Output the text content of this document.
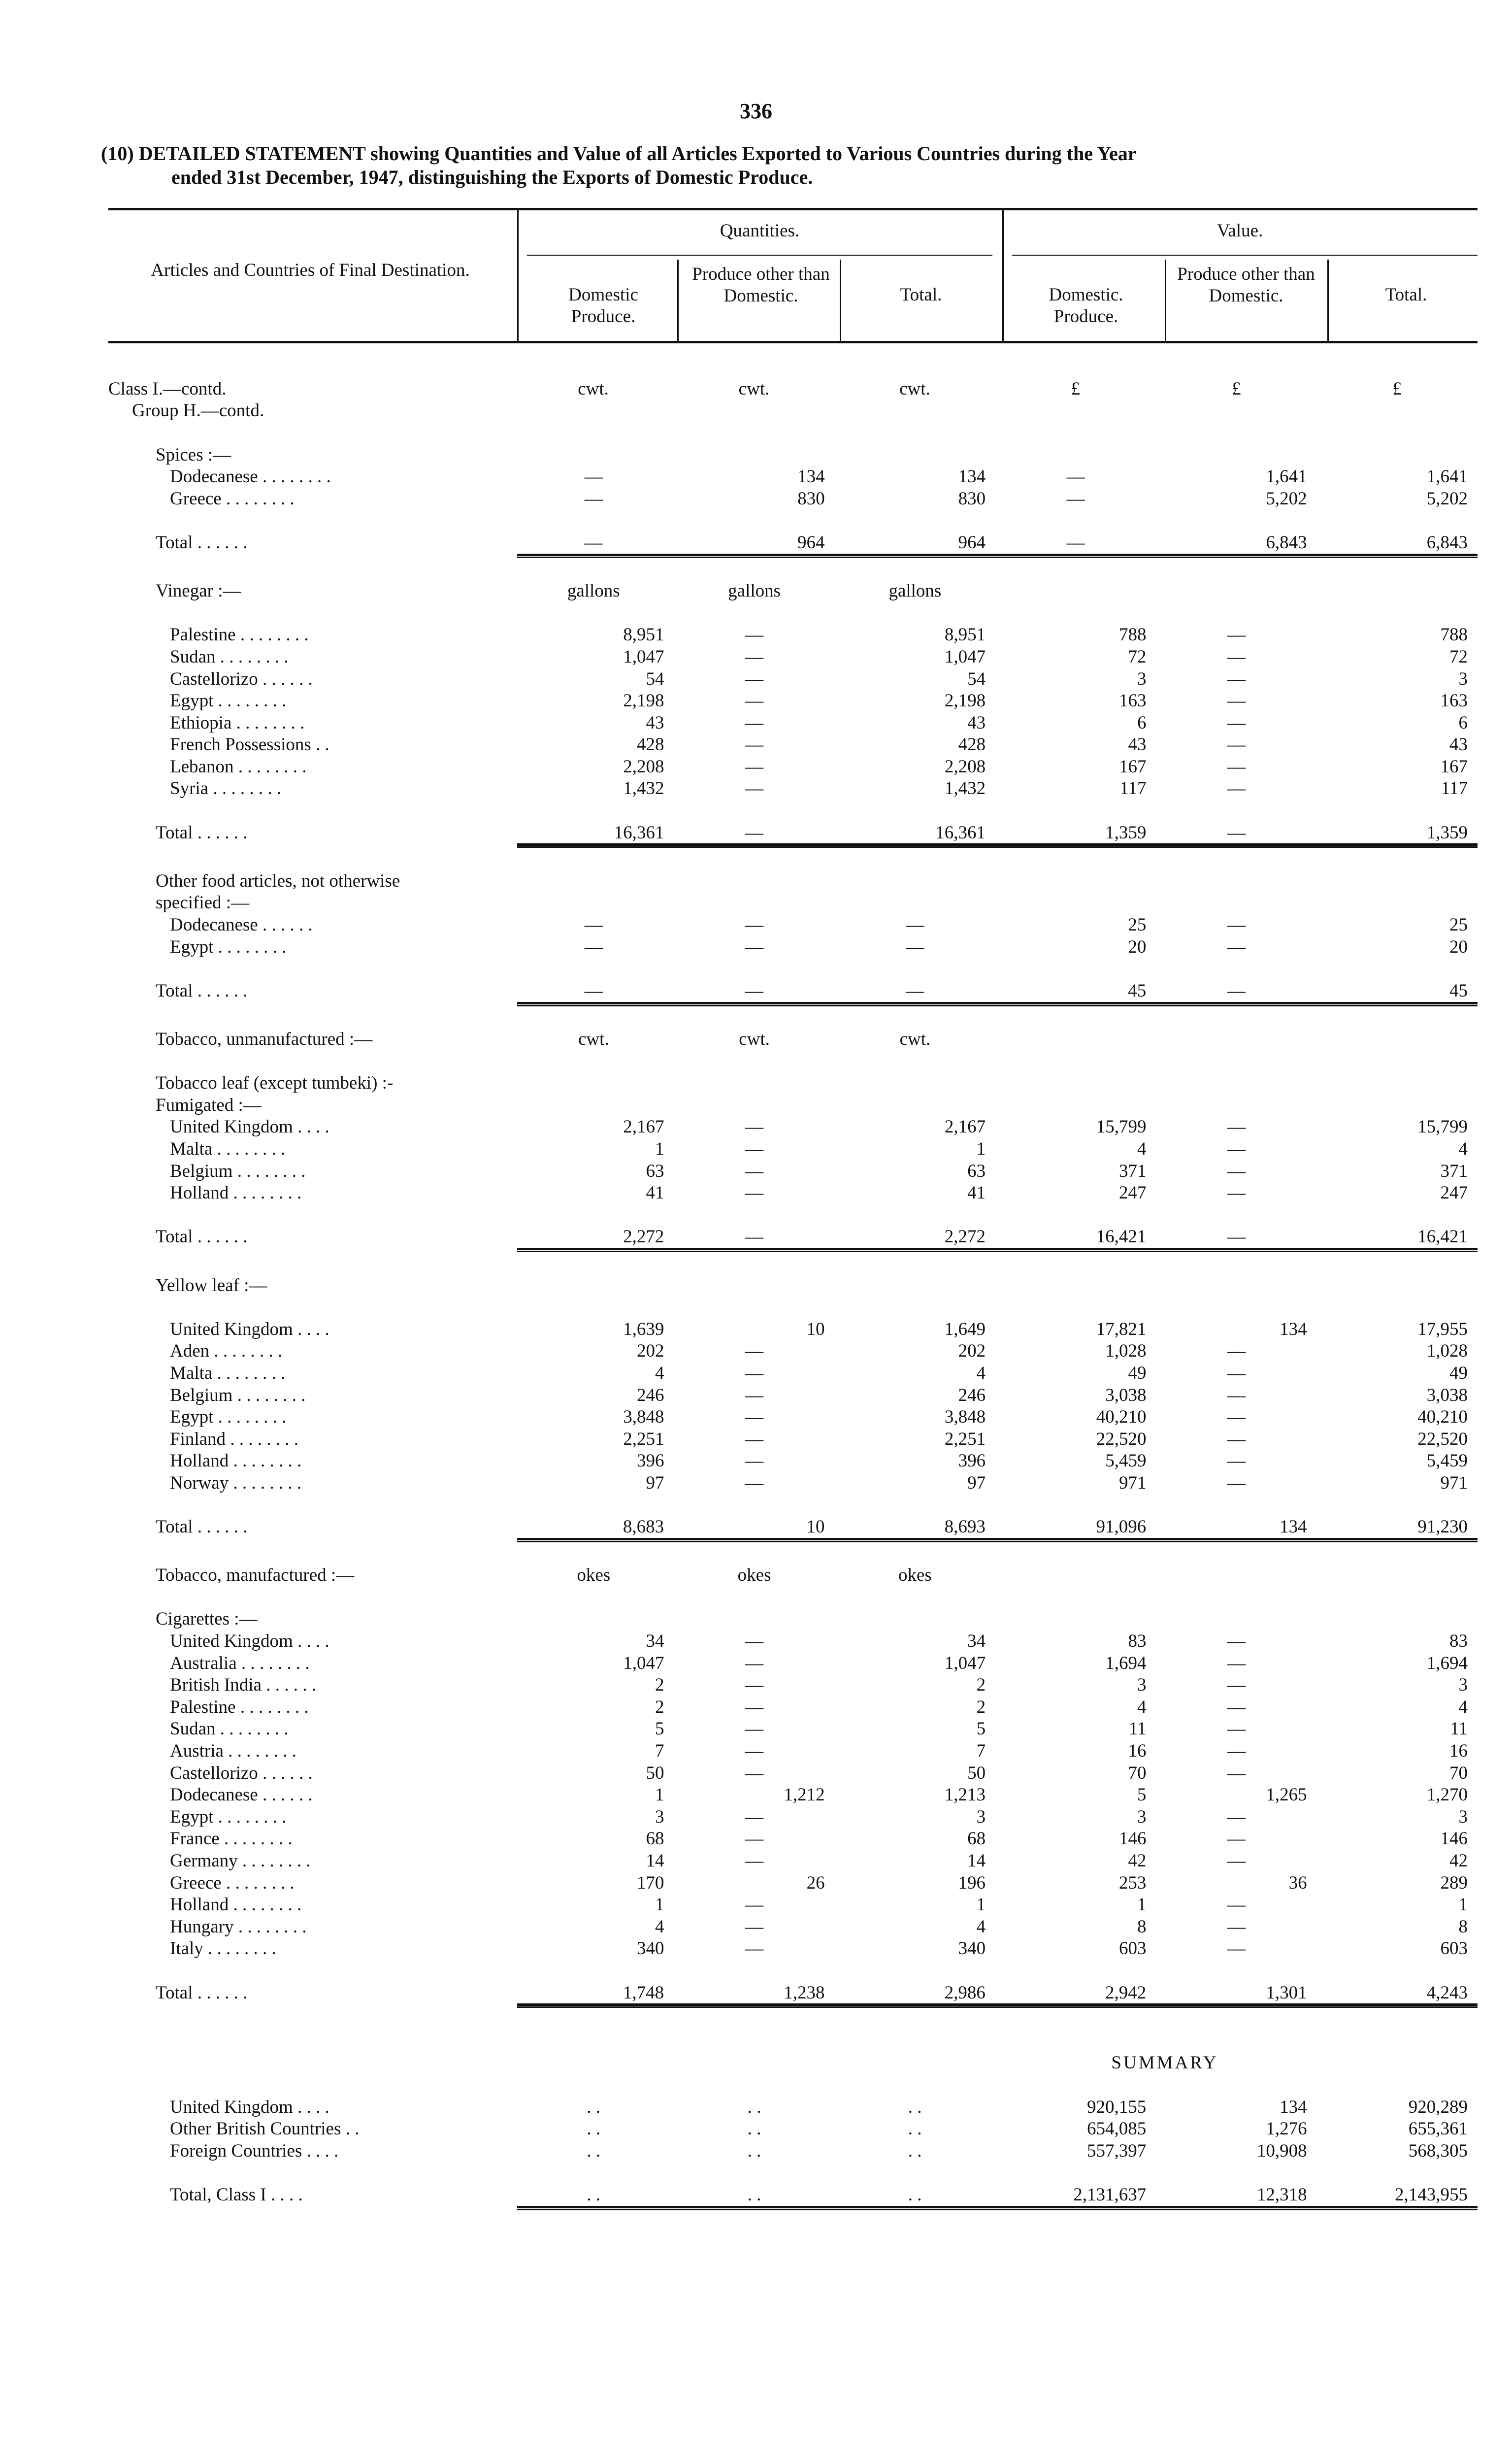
336
(10) DETAILED STATEMENT showing Quantities and Value of all Articles Exported to Various Countries during the Year
ended 31st December, 1947, distinguishing the Exports of Domestic Produce.
Articles and Countries of Final Destination.
Quantities.	Value.
Domestic Produce.
Produce other than Domestic.	Total.	Domestic. Produce.
Produce other than Domestic.	Total.
Class I.—contd.	cwt.	cwt.	cwt.	£	£	£
Group H.—contd.
Spices :—
Dodecanese . . . . . . . .	—	134	134	—	1,641	1,641
Greece . . . . . . . .	—	830	830	—	5,202	5,202
Total . . . . . .	—	964	964	—	6,843	6,843
Vinegar :—	gallons	gallons	gallons
Palestine . . . . . . . .	8,951	—	8,951	788	—	788
Sudan . . . . . . . .	1,047	—	1,047	72	—	72
Castellorizo . . . . . .	54	—	54	3	—	3
Egypt . . . . . . . .	2,198	—	2,198	163	—	163
Ethiopia . . . . . . . .	43	—	43	6	—	6
French Possessions . .	428	—	428	43	—	43
Lebanon . . . . . . . .	2,208	—	2,208	167	—	167
Syria . . . . . . . .	1,432	—	1,432	117	—	117
Total . . . . . .	16,361	—	16,361	1,359	—	1,359
Other food articles, not otherwise
specified :—
Dodecanese . . . . . .	—	—	—	25	—	25
Egypt . . . . . . . .	—	—	—	20	—	20
Total . . . . . .	—	—	—	45	—	45
Tobacco, unmanufactured :—	cwt.	cwt.	cwt.
Tobacco leaf (except tumbeki) :-
Fumigated :—
United Kingdom . . . .	2,167	—	2,167	15,799	—	15,799
Malta . . . . . . . .	1	—	1	4	—	4
Belgium . . . . . . . .	63	—	63	371	—	371
Holland . . . . . . . .	41	—	41	247	—	247
Total . . . . . .	2,272	—	2,272	16,421	—	16,421
Yellow leaf :—
United Kingdom . . . .	1,639	10	1,649	17,821	134	17,955
Aden . . . . . . . .	202	—	202	1,028	—	1,028
Malta . . . . . . . .	4	—	4	49	—	49
Belgium . . . . . . . .	246	—	246	3,038	—	3,038
Egypt . . . . . . . .	3,848	—	3,848	40,210	—	40,210
Finland . . . . . . . .	2,251	—	2,251	22,520	—	22,520
Holland . . . . . . . .	396	—	396	5,459	—	5,459
Norway . . . . . . . .	97	—	97	971	—	971
Total . . . . . .	8,683	10	8,693	91,096	134	91,230
Tobacco, manufactured :—	okes	okes	okes
Cigarettes :—
United Kingdom . . . .	34	—	34	83	—	83
Australia . . . . . . . .	1,047	—	1,047	1,694	—	1,694
British India . . . . . .	2	—	2	3	—	3
Palestine . . . . . . . .	2	—	2	4	—	4
Sudan . . . . . . . .	5	—	5	11	—	11
Austria . . . . . . . .	7	—	7	16	—	16
Castellorizo . . . . . .	50	—	50	70	—	70
Dodecanese . . . . . .	1	1,212	1,213	5	1,265	1,270
Egypt . . . . . . . .	3	—	3	3	—	3
France . . . . . . . .	68	—	68	146	—	146
Germany . . . . . . . .	14	—	14	42	—	42
Greece . . . . . . . .	170	26	196	253	36	289
Holland . . . . . . . .	1	—	1	1	—	1
Hungary . . . . . . . .	4	—	4	8	—	8
Italy . . . . . . . .	340	—	340	603	—	603
Total . . . . . .	1,748	1,238	2,986	2,942	1,301	4,243
SUMMARY
United Kingdom . . . .	. .	. .	. .	920,155	134	920,289
Other British Countries . .	. .	. .	. .	654,085	1,276	655,361
Foreign Countries . . . .	. .	. .	. .	557,397	10,908	568,305
Total, Class I . . . .	. .	. .	. .	2,131,637	12,318	2,143,955
